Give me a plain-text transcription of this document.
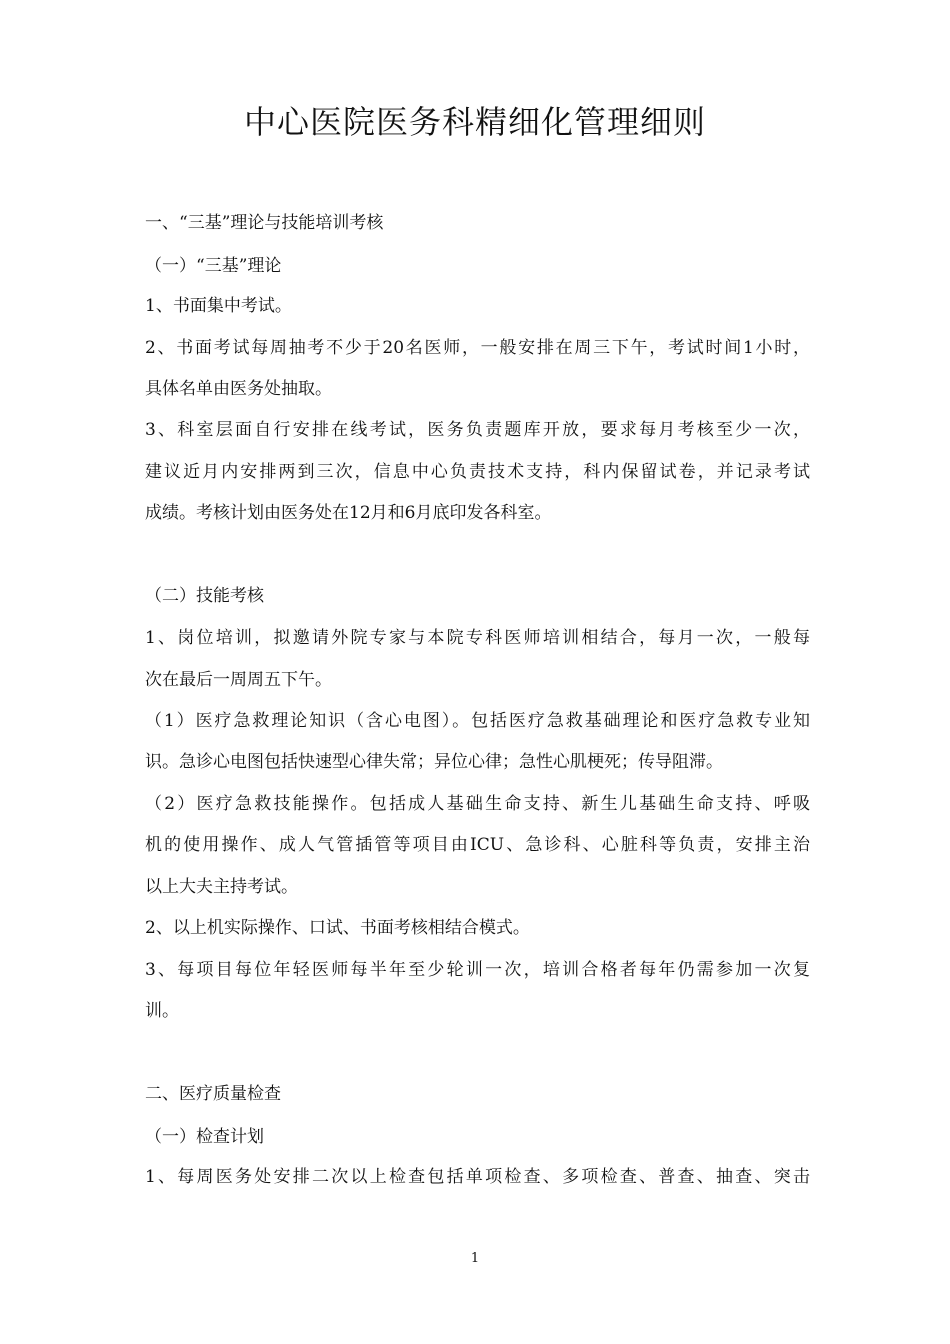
中心医院医务科精细化管理细则
一、“三基”理论与技能培训考核
（一）“三基”理论
1、书面集中考试。
2、书面考试每周抽考不少于20名医师，一般安排在周三下午，考试时间1小时，
具体名单由医务处抽取。
3、科室层面自行安排在线考试，医务负责题库开放，要求每月考核至少一次，
建议近月内安排两到三次，信息中心负责技术支持，科内保留试卷，并记录考试
成绩。考核计划由医务处在12月和6月底印发各科室。
（二）技能考核
1、岗位培训，拟邀请外院专家与本院专科医师培训相结合，每月一次，一般每
次在最后一周周五下午。
（1）医疗急救理论知识（含心电图）。包括医疗急救基础理论和医疗急救专业知
识。急诊心电图包括快速型心律失常；异位心律；急性心肌梗死；传导阻滞。
（2）医疗急救技能操作。包括成人基础生命支持、新生儿基础生命支持、呼吸
机的使用操作、成人气管插管等项目由ICU、急诊科、心脏科等负责，安排主治
以上大夫主持考试。
2、以上机实际操作、口试、书面考核相结合模式。
3、每项目每位年轻医师每半年至少轮训一次，培训合格者每年仍需参加一次复
训。
二、医疗质量检查
（一）检查计划
1、每周医务处安排二次以上检查包括单项检查、多项检查、普查、抽查、突击
1
